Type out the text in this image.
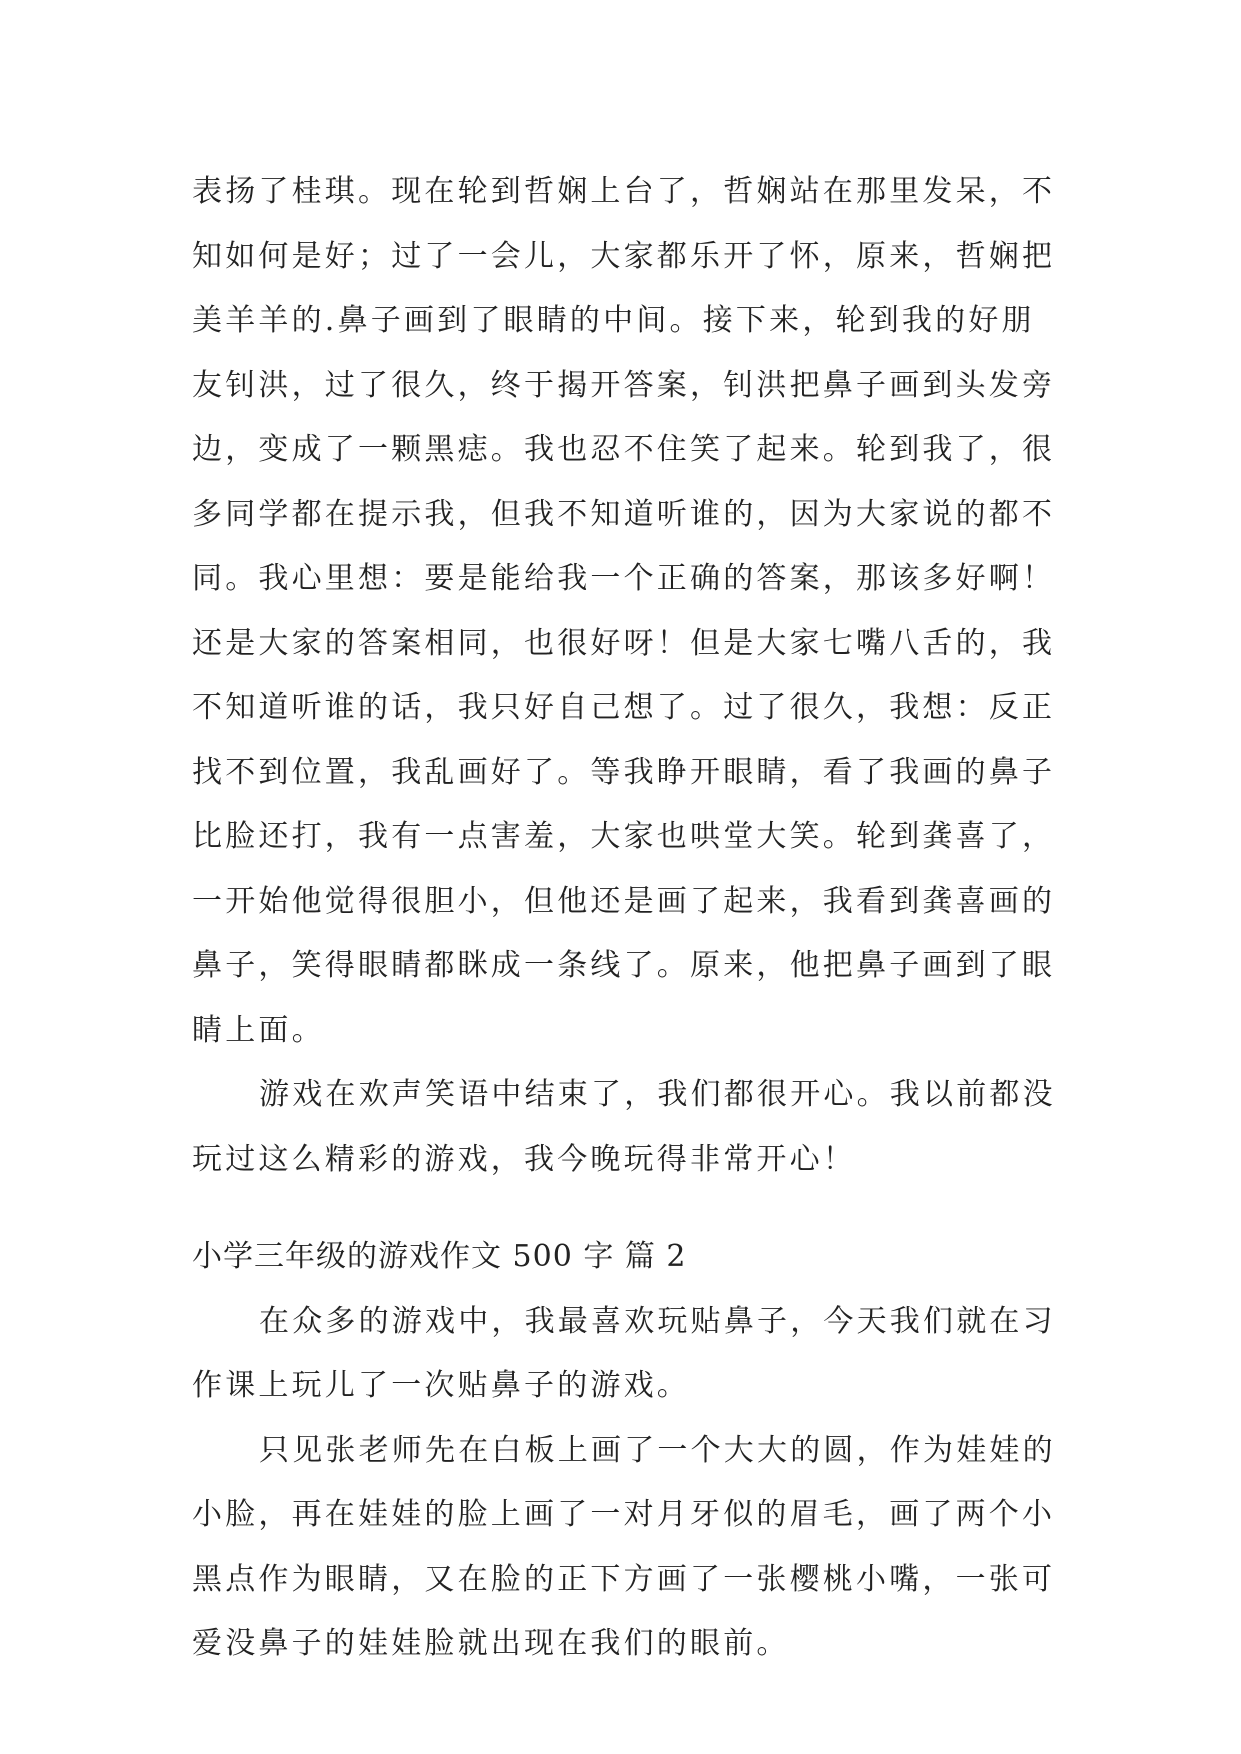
表扬了桂琪。现在轮到哲娴上台了，哲娴站在那里发呆，不知如何是好；过了一会儿，大家都乐开了怀，原来，哲娴把美羊羊的.鼻子画到了眼睛的中间。接下来，轮到我的好朋友钊洪，过了很久，终于揭开答案，钊洪把鼻子画到头发旁边，变成了一颗黑痣。我也忍不住笑了起来。轮到我了，很多同学都在提示我，但我不知道听谁的，因为大家说的都不同。我心里想：要是能给我一个正确的答案，那该多好啊！还是大家的答案相同，也很好呀！但是大家七嘴八舌的，我不知道听谁的话，我只好自己想了。过了很久，我想：反正找不到位置，我乱画好了。等我睁开眼睛，看了我画的鼻子比脸还打，我有一点害羞，大家也哄堂大笑。轮到龚喜了，一开始他觉得很胆小，但他还是画了起来，我看到龚喜画的鼻子，笑得眼睛都眯成一条线了。原来，他把鼻子画到了眼睛上面。

游戏在欢声笑语中结束了，我们都很开心。我以前都没玩过这么精彩的游戏，我今晚玩得非常开心！

小学三年级的游戏作文 500 字 篇 2

在众多的游戏中，我最喜欢玩贴鼻子，今天我们就在习作课上玩儿了一次贴鼻子的游戏。

只见张老师先在白板上画了一个大大的圆，作为娃娃的小脸，再在娃娃的脸上画了一对月牙似的眉毛，画了两个小黑点作为眼睛，又在脸的正下方画了一张樱桃小嘴，一张可爱没鼻子的娃娃脸就出现在我们的眼前。
